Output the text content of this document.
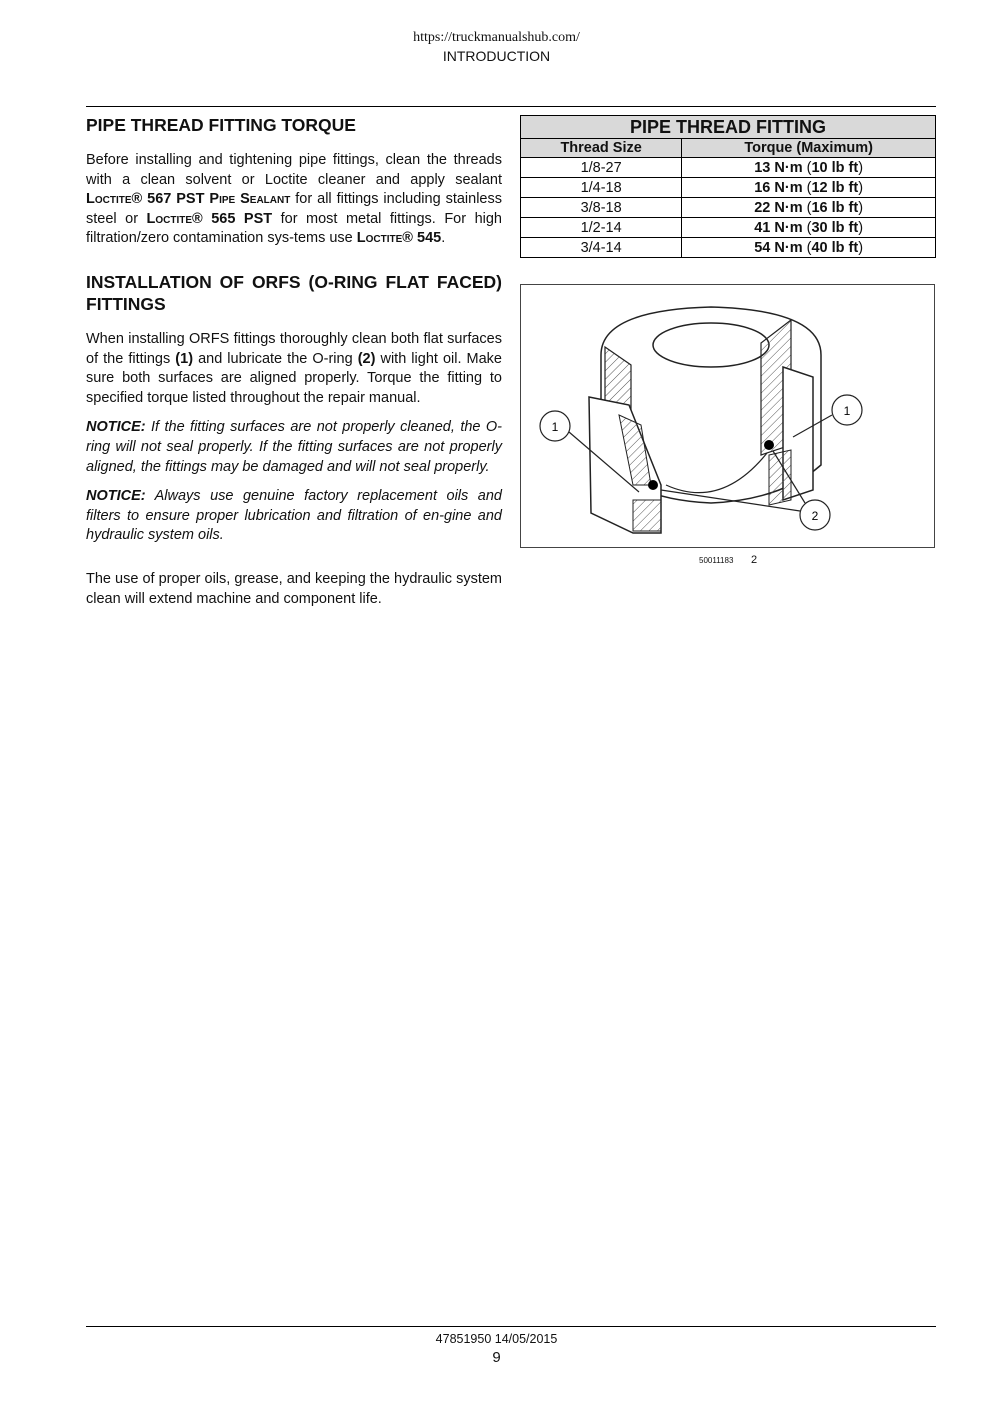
https://truckmanualshub.com/
INTRODUCTION
PIPE THREAD FITTING TORQUE

Before installing and tightening pipe fittings, clean the threads with a clean solvent or Loctite cleaner and apply sealant Loctite® 567 PST Pipe Sealant for all fittings including stainless steel or Loctite® 565 PST for most metal fittings. For high filtration/zero contamination sys-tems use Loctite® 545.

INSTALLATION OF ORFS (O-RING FLAT FACED) FITTINGS

When installing ORFS fittings thoroughly clean both flat surfaces of the fittings (1) and lubricate the O-ring (2) with light oil. Make sure both surfaces are aligned properly. Torque the fitting to specified torque listed throughout the repair manual.

NOTICE: If the fitting surfaces are not properly cleaned, the O-ring will not seal properly. If the fitting surfaces are not properly aligned, the fittings may be damaged and will not seal properly.

NOTICE: Always use genuine factory replacement oils and filters to ensure proper lubrication and filtration of en-gine and hydraulic system oils.

The use of proper oils, grease, and keeping the hydraulic system clean will extend machine and component life.

PIPE THREAD FITTING	
Thread Size	Torque (Maximum)
1/8-27	13 N·m (10 lb ft)
1/4-18	16 N·m (12 lb ft)
3/8-18	22 N·m (16 lb ft)
1/2-14	41 N·m (30 lb ft)
3/4-14	54 N·m (40 lb ft)
1
1
2
50011183 2
47851950 14/05/2015
9
